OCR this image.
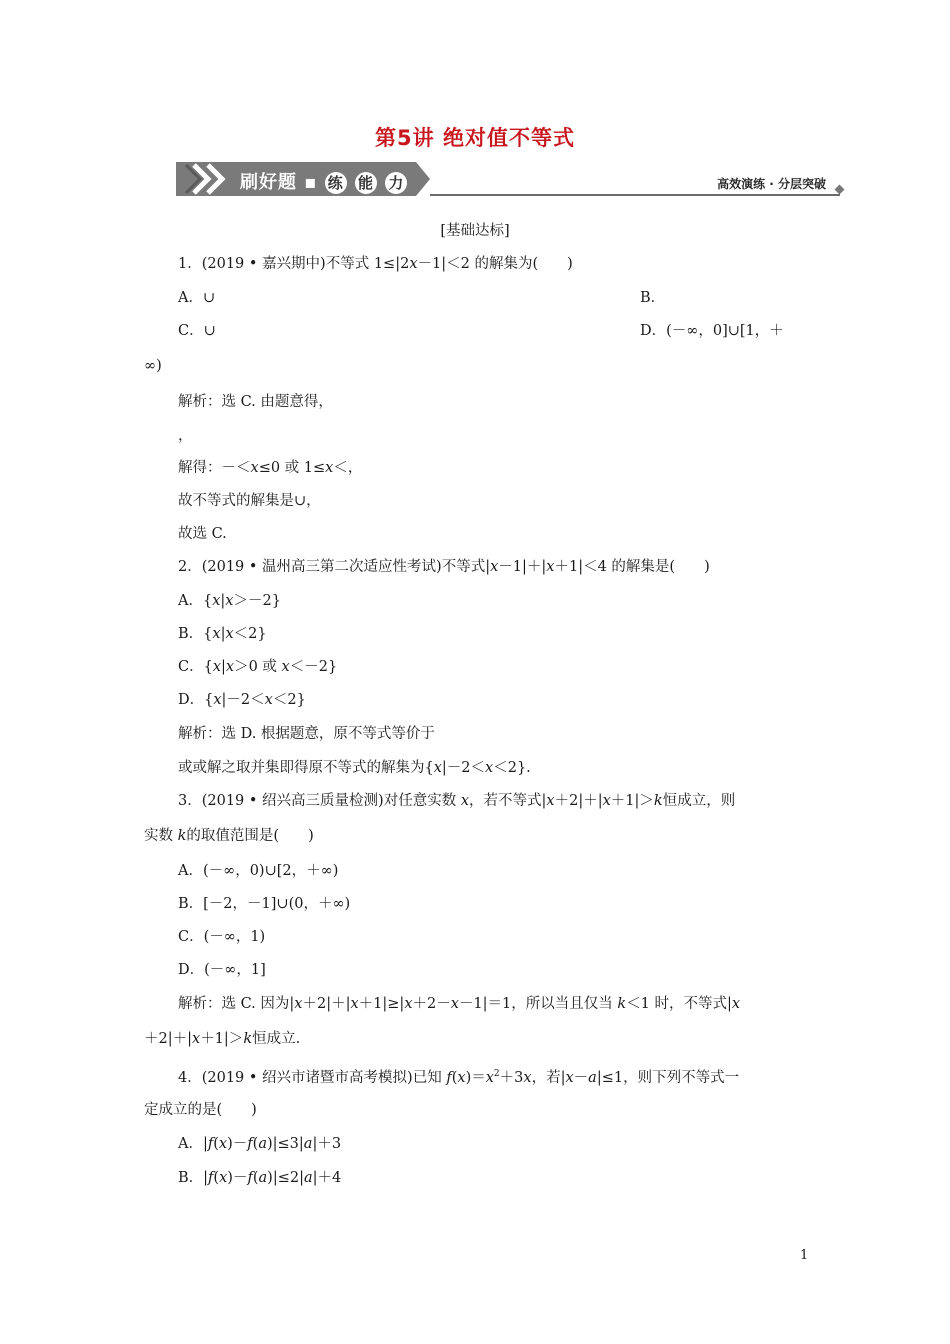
第5讲 绝对值不等式
刷好题 ▪ 练 能 力	高效演练 · 分层突破
[基础达标]
1．(2019 • 嘉兴期中)不等式 1≤|2x－1|＜2 的解集为(　　)
A．∪	B．
C．∪	D．(－∞，0]∪[1，＋
∞)
解析：选 C. 由题意得，
，
解得：－＜x≤0 或 1≤x＜，
故不等式的解集是∪，
故选 C.
2．(2019 • 温州高三第二次适应性考试)不等式|x－1|＋|x＋1|＜4 的解集是(　　)
A．{x|x＞－2}
B．{x|x＜2}
C．{x|x＞0 或 x＜－2}
D．{x|－2＜x＜2}
解析：选 D. 根据题意，原不等式等价于
或或解之取并集即得原不等式的解集为{x|－2＜x＜2}.
3．(2019 • 绍兴高三质量检测)对任意实数 x，若不等式|x＋2|＋|x＋1|＞k恒成立，则
实数 k的取值范围是(　　)
A．(－∞，0)∪[2，＋∞)
B．[－2，－1]∪(0，＋∞)
C．(－∞，1)
D．(－∞，1]
解析：选 C. 因为|x＋2|＋|x＋1|≥|x＋2－x－1|＝1，所以当且仅当 k＜1 时，不等式|x
＋2|＋|x＋1|＞k恒成立.
4．(2019 • 绍兴市诸暨市高考模拟)已知 $f(x)=x^2+3x$，若|x－a|≤1，则下列不等式一
定成立的是(　　)
A．|f(x)－f(a)|≤3|a|＋3
B．|f(x)－f(a)|≤2|a|＋4
1
